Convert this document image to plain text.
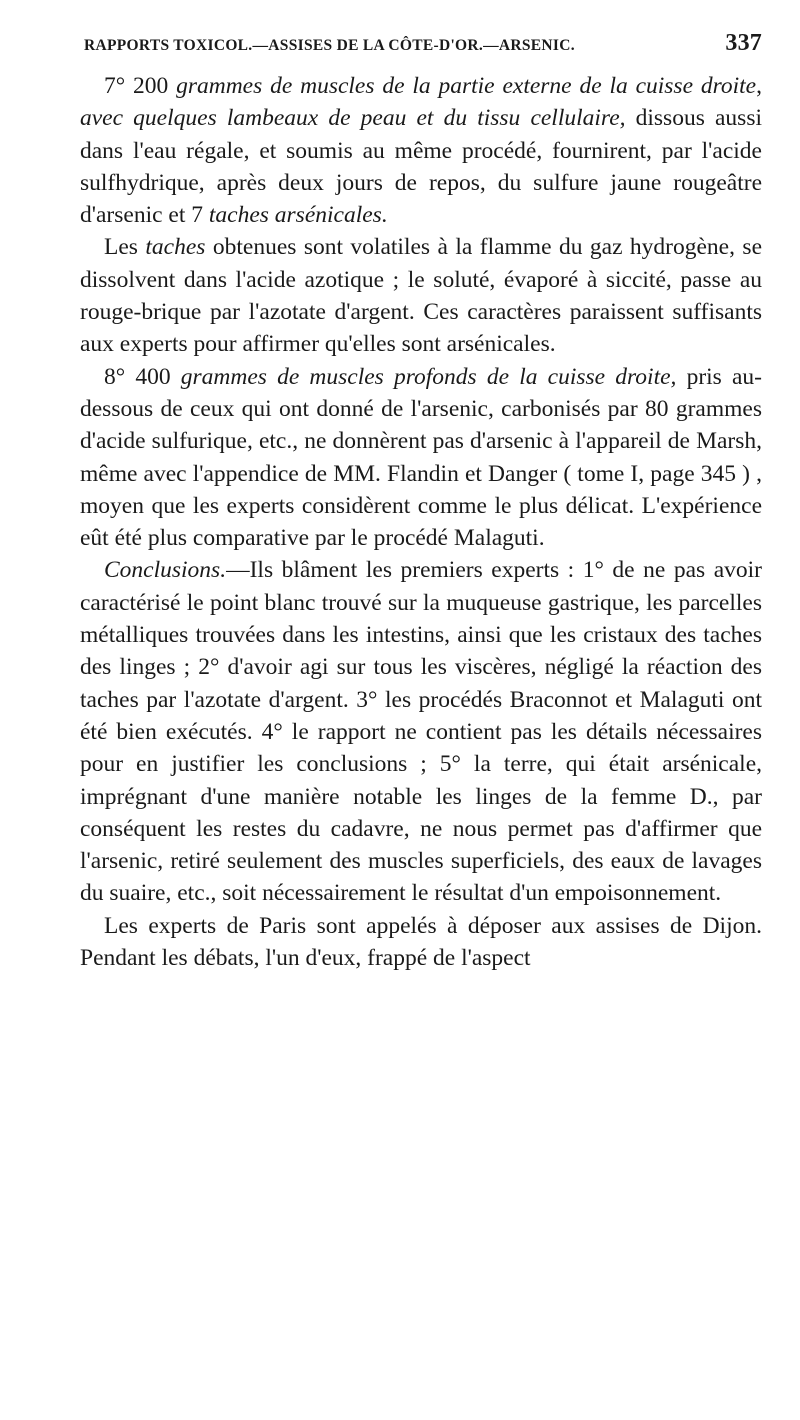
RAPPORTS TOXICOL.—ASSISES DE LA CÔTE-D'OR.—ARSENIC.	337

7° 200 grammes de muscles de la partie externe de la cuisse droite, avec quelques lambeaux de peau et du tissu cellulaire, dissous aussi dans l'eau régale, et soumis au même procédé, fournirent, par l'acide sulfhydrique, après deux jours de repos, du sulfure jaune rougeâtre d'arsenic et 7 taches arsénicales.

Les taches obtenues sont volatiles à la flamme du gaz hydrogène, se dissolvent dans l'acide azotique ; le soluté, évaporé à siccité, passe au rouge-brique par l'azotate d'argent. Ces caractères paraissent suffisants aux experts pour affirmer qu'elles sont arsénicales.

8° 400 grammes de muscles profonds de la cuisse droite, pris au-dessous de ceux qui ont donné de l'arsenic, carbonisés par 80 grammes d'acide sulfurique, etc., ne donnèrent pas d'arsenic à l'appareil de Marsh, même avec l'appendice de MM. Flandin et Danger ( tome I, page 345 ) , moyen que les experts considèrent comme le plus délicat. L'expérience eût été plus comparative par le procédé Malaguti.

Conclusions.—Ils blâment les premiers experts : 1° de ne pas avoir caractérisé le point blanc trouvé sur la muqueuse gastrique, les parcelles métalliques trouvées dans les intestins, ainsi que les cristaux des taches des linges ; 2° d'avoir agi sur tous les viscères, négligé la réaction des taches par l'azotate d'argent. 3° les procédés Braconnot et Malaguti ont été bien exécutés. 4° le rapport ne contient pas les détails nécessaires pour en justifier les conclusions ; 5° la terre, qui était arsénicale, imprégnant d'une manière notable les linges de la femme D., par conséquent les restes du cadavre, ne nous permet pas d'affirmer que l'arsenic, retiré seulement des muscles superficiels, des eaux de lavages du suaire, etc., soit nécessairement le résultat d'un empoisonnement.

Les experts de Paris sont appelés à déposer aux assises de Dijon. Pendant les débats, l'un d'eux, frappé de l'aspect
